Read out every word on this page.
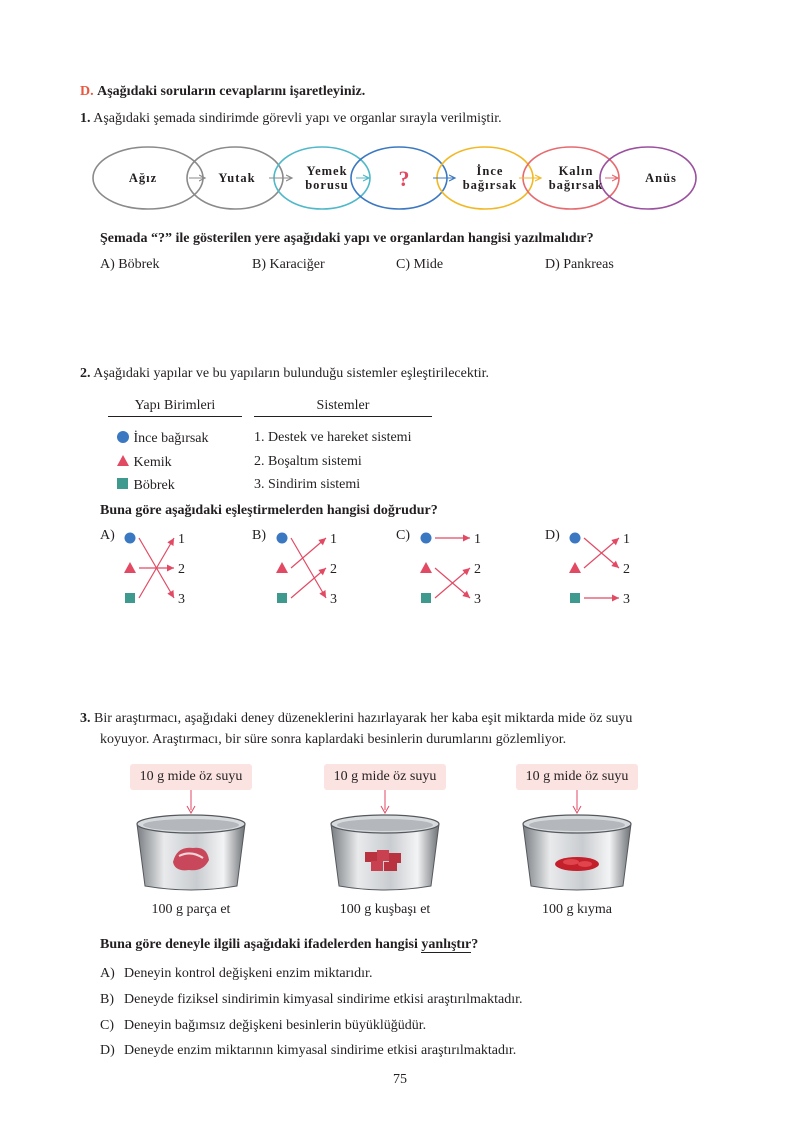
D. Aşağıdaki soruların cevaplarını işaretleyiniz.
1. Aşağıdaki şemada sindirimde görevli yapı ve organlar sırayla verilmiştir.
Ağız	Yutak	Yemek borusu ?	İnce bağırsak
Kalın bağırsak	Anüs
Şemada “?” ile gösterilen yere aşağıdaki yapı ve organlardan hangisi yazılmalıdır?
A) Böbrek	B) Karaciğer	C) Mide	D) Pankreas
2. Aşağıdaki yapılar ve bu yapıların bulunduğu sistemler eşleştirilecektir.
Yapı Birimleri	Sistemler
İnce bağırsak
Kemik
Böbrek
1. Destek ve hareket sistemi
2. Boşaltım sistemi
3. Sindirim sistemi
Buna göre aşağıdaki eşleştirmelerden hangisi doğrudur?
A)	1
2
3
B)	1
2
3
C)	1
2
3
D)	1
2
3
3. Bir araştırmacı, aşağıdaki deney düzeneklerini hazırlayarak her kaba eşit miktarda mide öz suyu
koyuyor. Araştırmacı, bir süre sonra kaplardaki besinlerin durumlarını gözlemliyor.
10 g mide öz suyu
100 g parça et
10 g mide öz suyu
100 g kuşbaşı et
10 g mide öz suyu
100 g kıyma
Buna göre deneyle ilgili aşağıdaki ifadelerden hangisi yanlıştır?
A) Deneyin kontrol değişkeni enzim miktarıdır.
B) Deneyde fiziksel sindirimin kimyasal sindirime etkisi araştırılmaktadır.
C) Deneyin bağımsız değişkeni besinlerin büyüklüğüdür.
D) Deneyde enzim miktarının kimyasal sindirime etkisi araştırılmaktadır.
75
